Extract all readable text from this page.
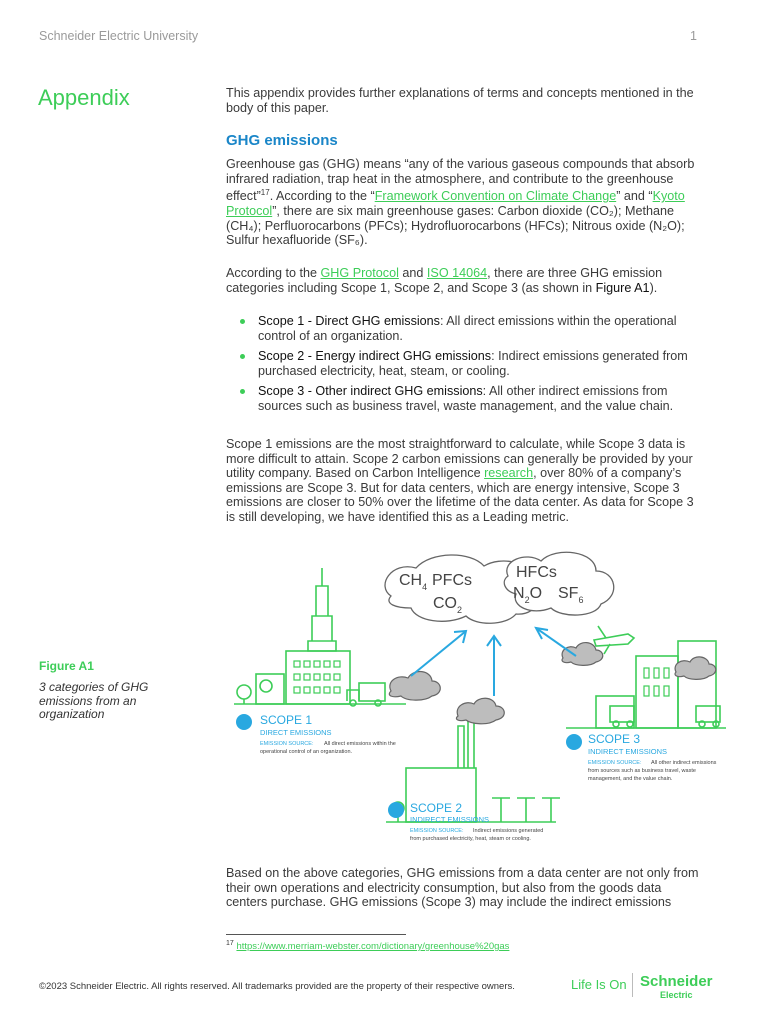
Schneider Electric University	1
Appendix	This appendix provides further explanations of terms and concepts mentioned in the body of this paper.
GHG emissions
Greenhouse gas (GHG) means “any of the various gaseous compounds that absorb infrared radiation, trap heat in the atmosphere, and contribute to the greenhouse effect”$^{17}$. According to the “Framework Convention on Climate Change” and “Kyoto Protocol”, there are six main greenhouse gases: Carbon dioxide (CO₂); Methane (CH₄); Perfluorocarbons (PFCs); Hydrofluorocarbons (HFCs); Nitrous oxide (N₂O); Sulfur hexafluoride (SF₆).
According to the GHG Protocol and ISO 14064, there are three GHG emission categories including Scope 1, Scope 2, and Scope 3 (as shown in Figure A1).
Scope 1 - Direct GHG emissions: All direct emissions within the operational control of an organization.
Scope 2 - Energy indirect GHG emissions: Indirect emissions generated from purchased electricity, heat, steam, or cooling.
Scope 3 - Other indirect GHG emissions: All other indirect emissions from sources such as business travel, waste management, and the value chain.
Scope 1 emissions are the most straightforward to calculate, while Scope 3 data is more difficult to attain. Scope 2 carbon emissions can generally be provided by your utility company. Based on Carbon Intelligence research, over 80% of a company’s emissions are Scope 3. But for data centers, which are energy intensive, Scope 3 emissions are closer to 50% over the lifetime of the data center. As data for Scope 3 is still developing, we have identified this as a Leading metric.
Figure A1
3 categories of GHG emissions from an organization
$CH_4$ PFCs
$CO_2$
HFCs
$N_2O$ $SF_6$
SCOPE 1
DIRECT EMISSIONS
EMISSION SOURCE: All direct emissions within the
operational control of an organization.
SCOPE 2
INDIRECT EMISSIONS
EMISSION SOURCE: Indirect emissions generated
from purchased electricity, heat, steam or cooling.
SCOPE 3
INDIRECT EMISSIONS
EMISSION SOURCE: All other indirect emissions
from sources such as business travel, waste
management, and the value chain.
Based on the above categories, GHG emissions from a data center are not only from their own operations and electricity consumption, but also from the goods data centers purchase. GHG emissions (Scope 3) may include the indirect emissions
$^{17}$ https://www.merriam-webster.com/dictionary/greenhouse%20gas
©2023 Schneider Electric. All rights reserved. All trademarks provided are the property of their respective owners.	Life Is On Schneider
Electric
